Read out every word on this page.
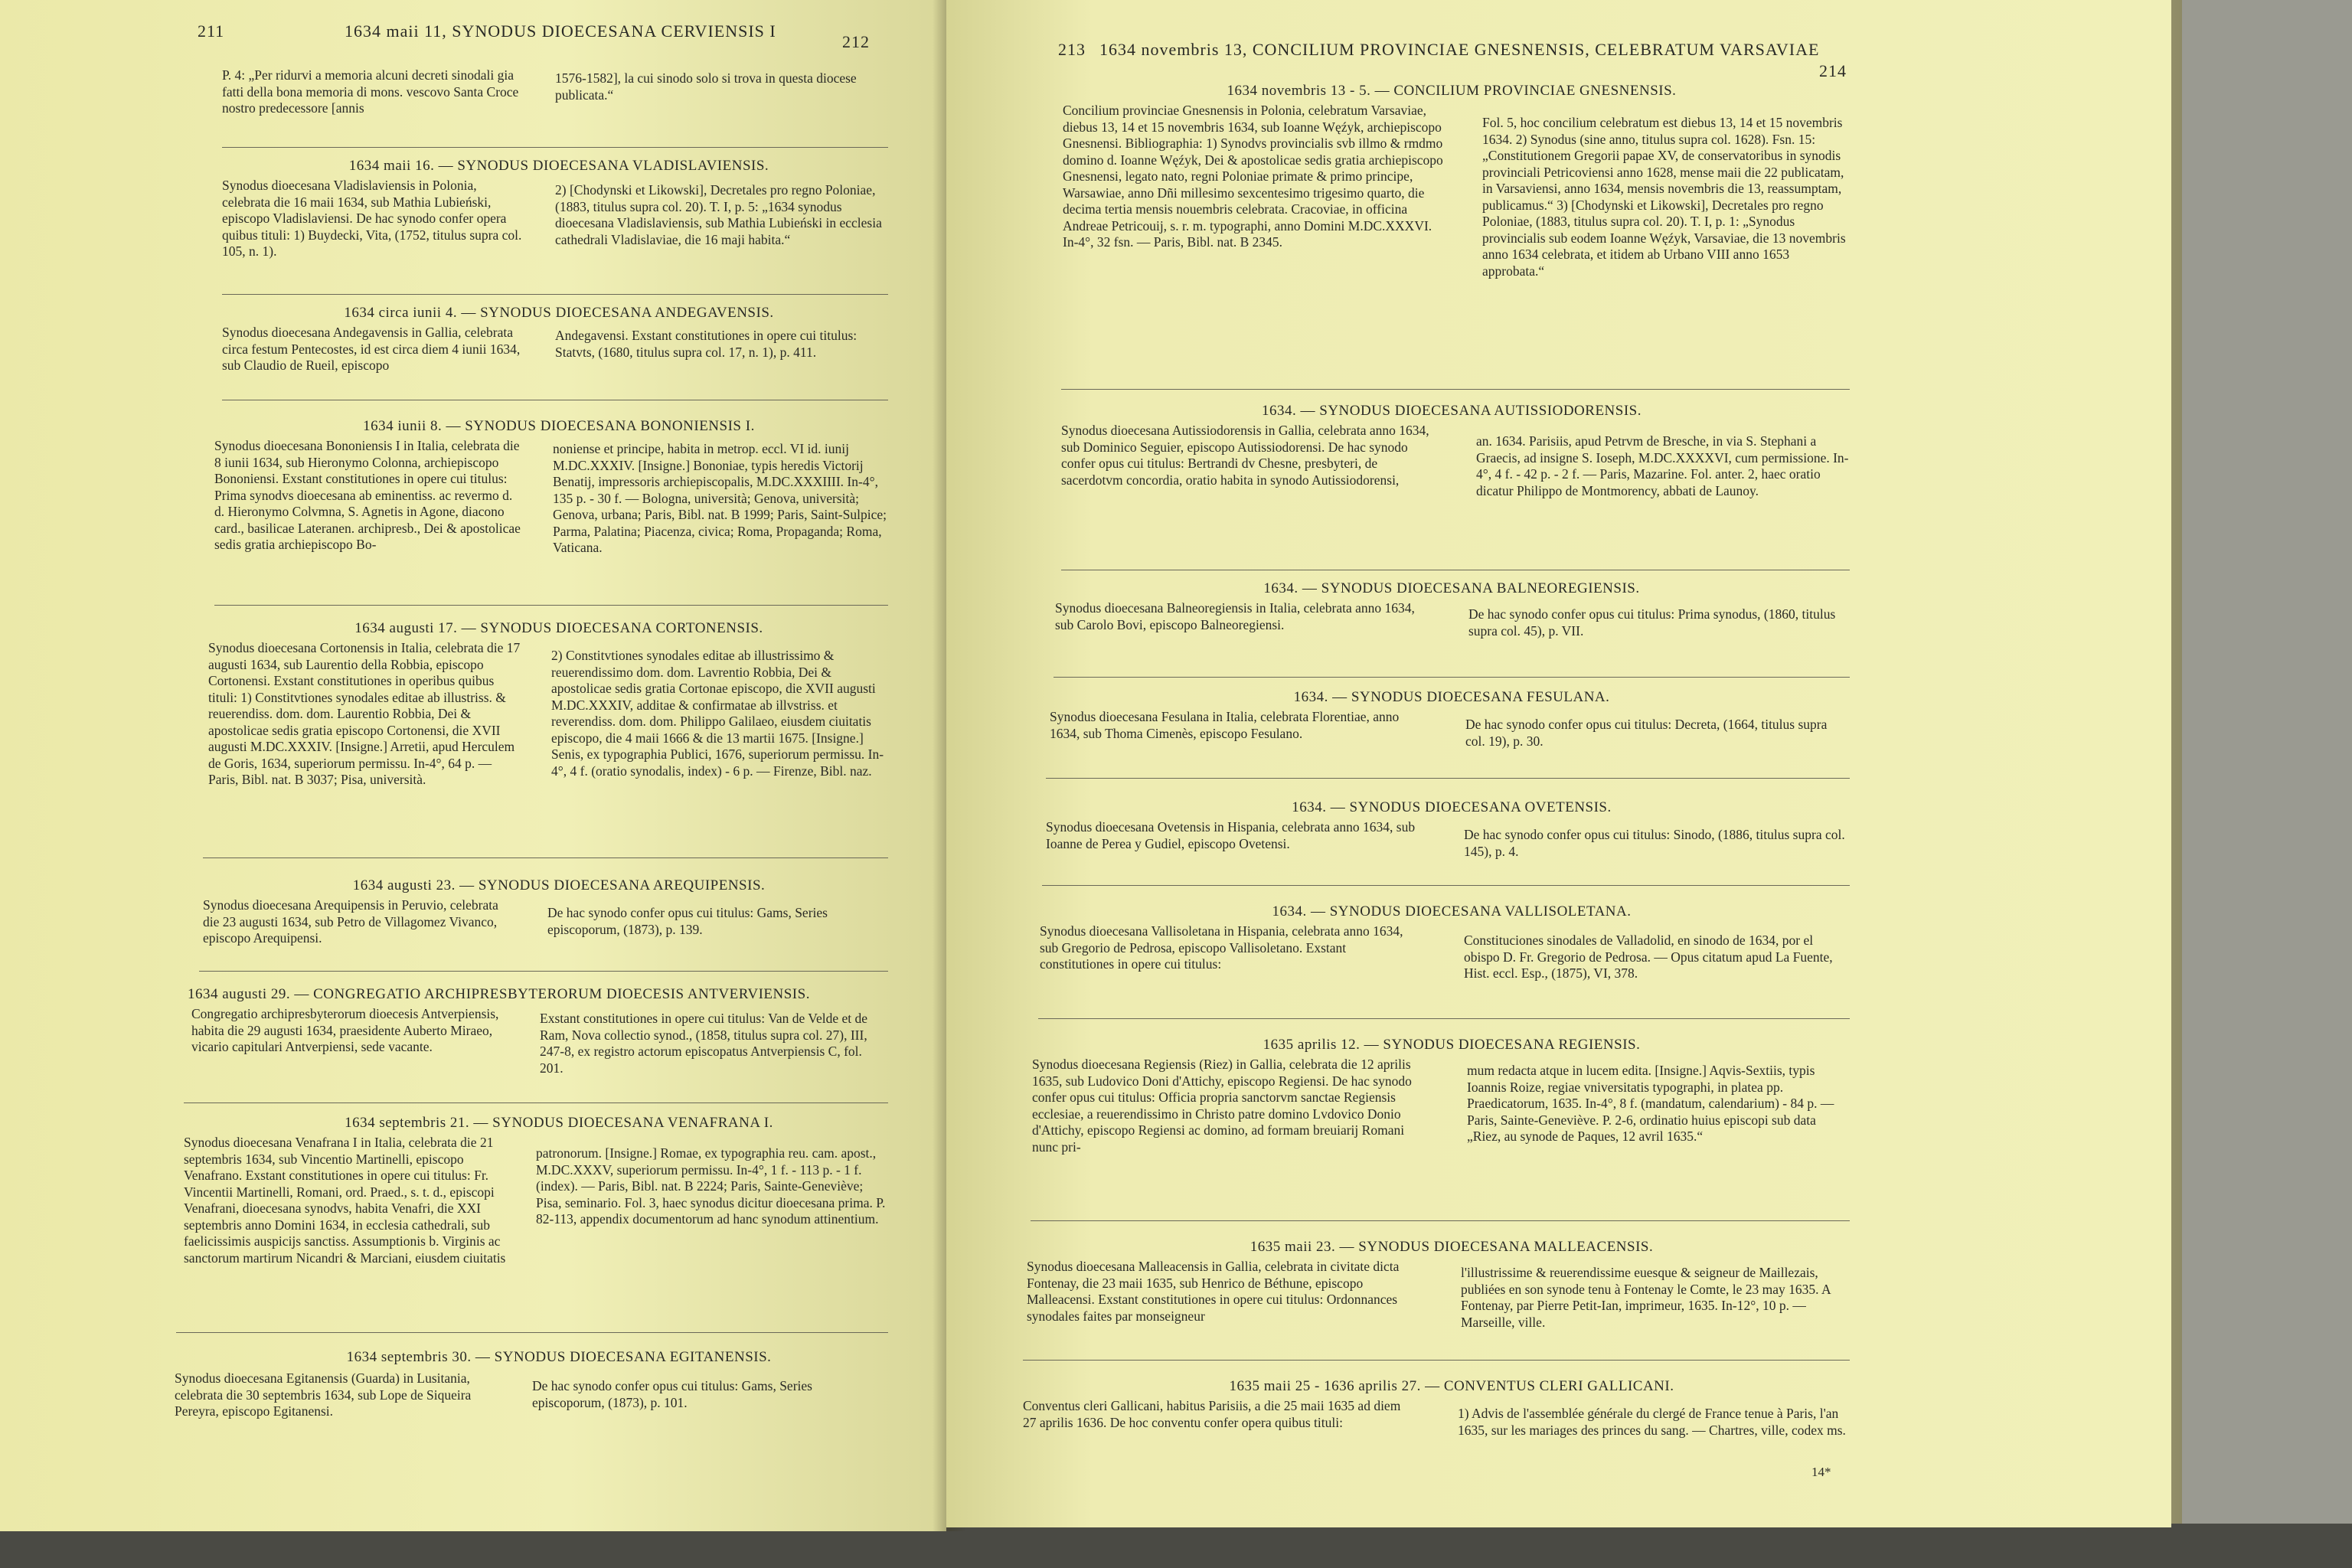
211	1634 maii 11, SYNODUS DIOECESANA CERVIENSIS I
212
P. 4: „Per ridurvi a memoria alcuni decreti sinodali gia fatti della bona memoria di mons. vescovo Santa Croce nostro predecessore [annis
1576-1582], la cui sinodo solo si trova in questa diocese publicata.“
1634 maii 16. — SYNODUS DIOECESANA VLADISLAVIENSIS.
Synodus dioecesana Vladislaviensis in Polonia, celebrata die 16 maii 1634, sub Mathia Lubieński, episcopo Vladislaviensi. De hac synodo confer opera quibus tituli: 1) Buydecki, Vita, (1752, titulus supra col. 105, n. 1).
2) [Chodynski et Likowski], Decretales pro regno Poloniae, (1883, titulus supra col. 20). T. I, p. 5: „1634 synodus dioecesana Vladislaviensis, sub Mathia Lubieński in ecclesia cathedrali Vladislaviae, die 16 maji habita.“
1634 circa iunii 4. — SYNODUS DIOECESANA ANDEGAVENSIS.
Synodus dioecesana Andegavensis in Gallia, celebrata circa festum Pentecostes, id est circa diem 4 iunii 1634, sub Claudio de Rueil, episcopo
Andegavensi. Exstant constitutiones in opere cui titulus: Statvts, (1680, titulus supra col. 17, n. 1), p. 411.
1634 iunii 8. — SYNODUS DIOECESANA BONONIENSIS I.
Synodus dioecesana Bononiensis I in Italia, celebrata die 8 iunii 1634, sub Hieronymo Colonna, archiepiscopo Bononiensi. Exstant constitutiones in opere cui titulus: Prima synodvs dioecesana ab eminentiss. ac revermo d. d. Hieronymo Colvmna, S. Agnetis in Agone, diacono card., basilicae Lateranen. archipresb., Dei & apostolicae sedis gratia archiepiscopo Bo-
noniense et principe, habita in metrop. eccl. VI id. iunij M.DC.XXXIV. [Insigne.] Bononiae, typis heredis Victorij Benatij, impressoris archiepiscopalis, M.DC.XXXIIII. In-4°, 135 p. - 30 f. — Bologna, università; Genova, università; Genova, urbana; Paris, Bibl. nat. B 1999; Paris, Saint-Sulpice; Parma, Palatina; Piacenza, civica; Roma, Propaganda; Roma, Vaticana.
1634 augusti 17. — SYNODUS DIOECESANA CORTONENSIS.
Synodus dioecesana Cortonensis in Italia, celebrata die 17 augusti 1634, sub Laurentio della Robbia, episcopo Cortonensi. Exstant constitutiones in operibus quibus tituli: 1) Constitvtiones synodales editae ab illustriss. & reuerendiss. dom. dom. Laurentio Robbia, Dei & apostolicae sedis gratia episcopo Cortonensi, die XVII augusti M.DC.XXXIV. [Insigne.] Arretii, apud Herculem de Goris, 1634, superiorum permissu. In-4°, 64 p. — Paris, Bibl. nat. B 3037; Pisa, università.
2) Constitvtiones synodales editae ab illustrissimo & reuerendissimo dom. dom. Lavrentio Robbia, Dei & apostolicae sedis gratia Cortonae episcopo, die XVII augusti M.DC.XXXIV, additae & confirmatae ab illvstriss. et reverendiss. dom. dom. Philippo Galilaeo, eiusdem ciuitatis episcopo, die 4 maii 1666 & die 13 martii 1675. [Insigne.] Senis, ex typographia Publici, 1676, superiorum permissu. In-4°, 4 f. (oratio synodalis, index) - 6 p. — Firenze, Bibl. naz.
1634 augusti 23. — SYNODUS DIOECESANA AREQUIPENSIS.
Synodus dioecesana Arequipensis in Peruvio, celebrata die 23 augusti 1634, sub Petro de Villagomez Vivanco, episcopo Arequipensi.
De hac synodo confer opus cui titulus: Gams, Series episcoporum, (1873), p. 139.
1634 augusti 29. — CONGREGATIO ARCHIPRESBYTERORUM DIOECESIS ANTVERVIENSIS.
Congregatio archipresbyterorum dioecesis Antverpiensis, habita die 29 augusti 1634, praesidente Auberto Miraeo, vicario capitulari Antverpiensi, sede vacante.
Exstant constitutiones in opere cui titulus: Van de Velde et de Ram, Nova collectio synod., (1858, titulus supra col. 27), III, 247-8, ex registro actorum episcopatus Antverpiensis C, fol. 201.
1634 septembris 21. — SYNODUS DIOECESANA VENAFRANA I.
Synodus dioecesana Venafrana I in Italia, celebrata die 21 septembris 1634, sub Vincentio Martinelli, episcopo Venafrano. Exstant constitutiones in opere cui titulus: Fr. Vincentii Martinelli, Romani, ord. Praed., s. t. d., episcopi Venafrani, dioecesana synodvs, habita Venafri, die XXI septembris anno Domini 1634, in ecclesia cathedrali, sub faelicissimis auspicijs sanctiss. Assumptionis b. Virginis ac sanctorum martirum Nicandri & Marciani, eiusdem ciuitatis
patronorum. [Insigne.] Romae, ex typographia reu. cam. apost., M.DC.XXXV, superiorum permissu. In-4°, 1 f. - 113 p. - 1 f. (index). — Paris, Bibl. nat. B 2224; Paris, Sainte-Geneviève; Pisa, seminario. Fol. 3, haec synodus dicitur dioecesana prima. P. 82-113, appendix documentorum ad hanc synodum attinentium.
1634 septembris 30. — SYNODUS DIOECESANA EGITANENSIS.
Synodus dioecesana Egitanensis (Guarda) in Lusitania, celebrata die 30 septembris 1634, sub Lope de Siqueira Pereyra, episcopo Egitanensi.
De hac synodo confer opus cui titulus: Gams, Series episcoporum, (1873), p. 101.
213 1634 novembris 13, CONCILIUM PROVINCIAE GNESNENSIS, CELEBRATUM VARSAVIAE
214
1634 novembris 13 - 5. — CONCILIUM PROVINCIAE GNESNENSIS.
Concilium provinciae Gnesnensis in Polonia, celebratum Varsaviae, diebus 13, 14 et 15 novembris 1634, sub Ioanne Węźyk, archiepiscopo Gnesnensi. Bibliographia: 1) Synodvs provincialis svb illmo & rmdmo domino d. Ioanne Węźyk, Dei & apostolicae sedis gratia archiepiscopo Gnesnensi, legato nato, regni Poloniae primate & primo principe, Warsawiae, anno Dñi millesimo sexcentesimo trigesimo quarto, die decima tertia mensis nouembris celebrata. Cracoviae, in officina Andreae Petricouij, s. r. m. typographi, anno Domini M.DC.XXXVI. In-4°, 32 fsn. — Paris, Bibl. nat. B 2345.
Fol. 5, hoc concilium celebratum est diebus 13, 14 et 15 novembris 1634. 2) Synodus (sine anno, titulus supra col. 1628). Fsn. 15: „Constitutionem Gregorii papae XV, de conservatoribus in synodis provinciali Petricoviensi anno 1628, mense maii die 22 publicatam, in Varsaviensi, anno 1634, mensis novembris die 13, reassumptam, publicamus.“ 3) [Chodynski et Likowski], Decretales pro regno Poloniae, (1883, titulus supra col. 20). T. I, p. 1: „Synodus provincialis sub eodem Ioanne Węźyk, Varsaviae, die 13 novembris anno 1634 celebrata, et itidem ab Urbano VIII anno 1653 approbata.“
1634. — SYNODUS DIOECESANA AUTISSIODORENSIS.
Synodus dioecesana Autissiodorensis in Gallia, celebrata anno 1634, sub Dominico Seguier, episcopo Autissiodorensi. De hac synodo confer opus cui titulus: Bertrandi dv Chesne, presbyteri, de sacerdotvm concordia, oratio habita in synodo Autissiodorensi,
an. 1634. Parisiis, apud Petrvm de Bresche, in via S. Stephani a Graecis, ad insigne S. Ioseph, M.DC.XXXXVI, cum permissione. In-4°, 4 f. - 42 p. - 2 f. — Paris, Mazarine. Fol. anter. 2, haec oratio dicatur Philippo de Montmorency, abbati de Launoy.
1634. — SYNODUS DIOECESANA BALNEOREGIENSIS.
Synodus dioecesana Balneoregiensis in Italia, celebrata anno 1634, sub Carolo Bovi, episcopo Balneoregiensi.
De hac synodo confer opus cui titulus: Prima synodus, (1860, titulus supra col. 45), p. VII.
1634. — SYNODUS DIOECESANA FESULANA.
Synodus dioecesana Fesulana in Italia, celebrata Florentiae, anno 1634, sub Thoma Cimenès, episcopo Fesulano.
De hac synodo confer opus cui titulus: Decreta, (1664, titulus supra col. 19), p. 30.
1634. — SYNODUS DIOECESANA OVETENSIS.
Synodus dioecesana Ovetensis in Hispania, celebrata anno 1634, sub Ioanne de Perea y Gudiel, episcopo Ovetensi.
De hac synodo confer opus cui titulus: Sinodo, (1886, titulus supra col. 145), p. 4.
1634. — SYNODUS DIOECESANA VALLISOLETANA.
Synodus dioecesana Vallisoletana in Hispania, celebrata anno 1634, sub Gregorio de Pedrosa, episcopo Vallisoletano. Exstant constitutiones in opere cui titulus:
Constituciones sinodales de Valladolid, en sinodo de 1634, por el obispo D. Fr. Gregorio de Pedrosa. — Opus citatum apud La Fuente, Hist. eccl. Esp., (1875), VI, 378.
1635 aprilis 12. — SYNODUS DIOECESANA REGIENSIS.
Synodus dioecesana Regiensis (Riez) in Gallia, celebrata die 12 aprilis 1635, sub Ludovico Doni d'Attichy, episcopo Regiensi. De hac synodo confer opus cui titulus: Officia propria sanctorvm sanctae Regiensis ecclesiae, a reuerendissimo in Christo patre domino Lvdovico Donio d'Attichy, episcopo Regiensi ac domino, ad formam breuiarij Romani nunc pri-
mum redacta atque in lucem edita. [Insigne.] Aqvis-Sextiis, typis Ioannis Roize, regiae vniversitatis typographi, in platea pp. Praedicatorum, 1635. In-4°, 8 f. (mandatum, calendarium) - 84 p. — Paris, Sainte-Geneviève. P. 2-6, ordinatio huius episcopi sub data „Riez, au synode de Paques, 12 avril 1635.“
1635 maii 23. — SYNODUS DIOECESANA MALLEACENSIS.
Synodus dioecesana Malleacensis in Gallia, celebrata in civitate dicta Fontenay, die 23 maii 1635, sub Henrico de Béthune, episcopo Malleacensi. Exstant constitutiones in opere cui titulus: Ordonnances synodales faites par monseigneur
l'illustrissime & reuerendissime euesque & seigneur de Maillezais, publiées en son synode tenu à Fontenay le Comte, le 23 may 1635. A Fontenay, par Pierre Petit-Ian, imprimeur, 1635. In-12°, 10 p. — Marseille, ville.
1635 maii 25 - 1636 aprilis 27. — CONVENTUS CLERI GALLICANI.
Conventus cleri Gallicani, habitus Parisiis, a die 25 maii 1635 ad diem 27 aprilis 1636. De hoc conventu confer opera quibus tituli:
1) Advis de l'assemblée générale du clergé de France tenue à Paris, l'an 1635, sur les mariages des princes du sang. — Chartres, ville, codex ms.
14*
